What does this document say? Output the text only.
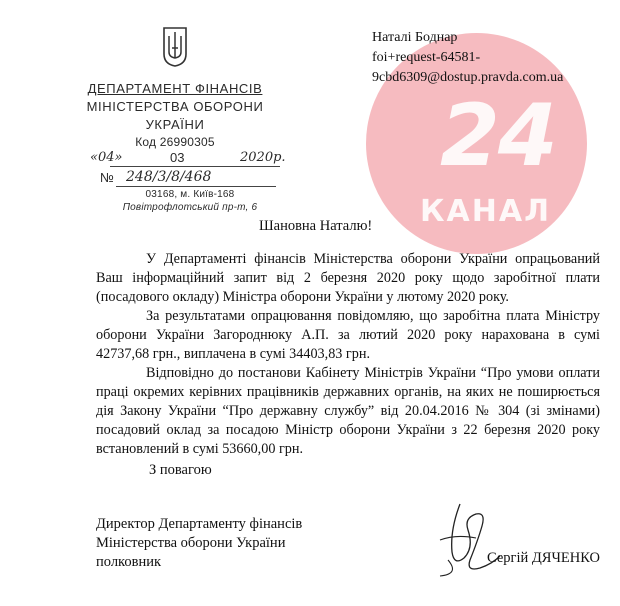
24
КАНАЛ
ДЕПАРТАМЕНТ ФІНАНСІВ
МІНІСТЕРСТВА ОБОРОНИ
УКРАЇНИ
Код 26990305
«04»	03	2020р.
№ 248/3/8/468
03168, м. Київ-168
Повітрофлотський пр-т, 6
Наталі Боднар
foi+request-64581-
9cbd6309@dostup.pravda.com.ua
Шановна Наталю!
У Департаменті фінансів Міністерства оборони України опрацьований Ваш інформаційний запит від 2 березня 2020 року щодо заробітної плати (посадового окладу) Міністра оборони України у лютому 2020 року.
За результатами опрацювання повідомляю, що заробітна плата Міністру оборони України Загороднюку А.П. за лютий 2020 року нарахована в сумі 42737,68 грн., виплачена в сумі 34403,83 грн.
Відповідно до постанови Кабінету Міністрів України “Про умови оплати праці окремих керівних працівників державних органів, на яких не поширюється дія Закону України “Про державну службу” від 20.04.2016 № 304 (зі змінами) посадовий оклад за посадою Міністр оборони України з 22 березня 2020 року встановлений в сумі 53660,00 грн.
З повагою
Директор Департаменту фінансів
Міністерства оборони України
полковник	Сергій ДЯЧЕНКО
